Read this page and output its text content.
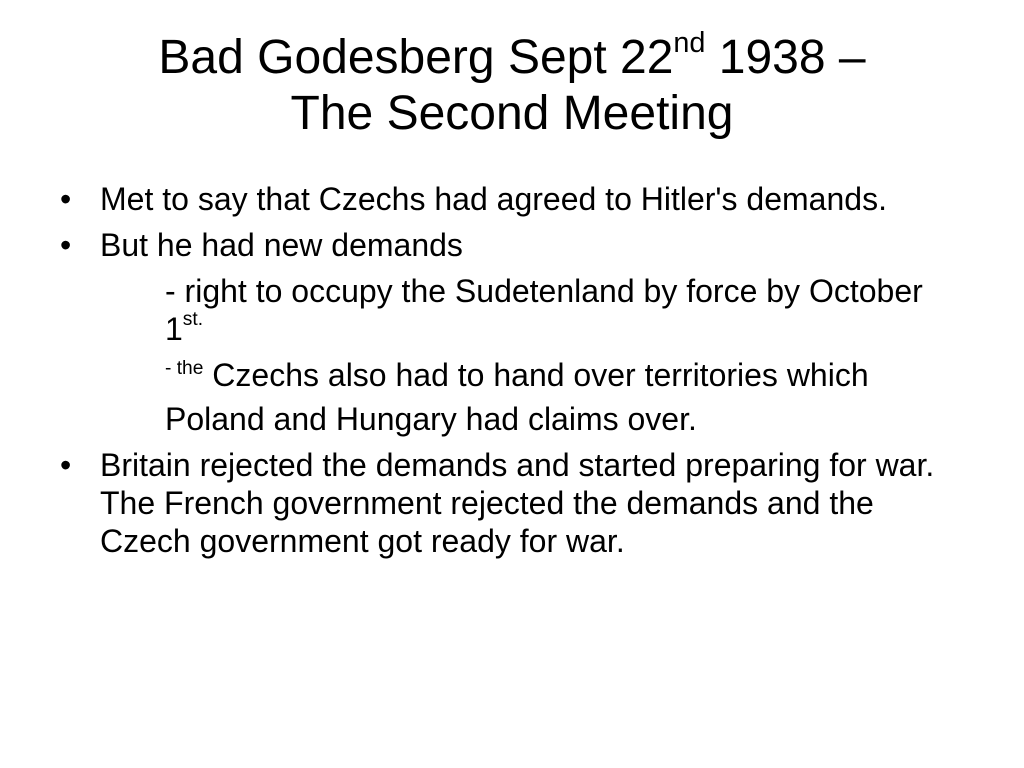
Bad Godesberg Sept 22nd 1938 –
The Second Meeting
• Met to say that Czechs had agreed to Hitler's demands.
• But he had new demands
- right to occupy the Sudetenland by force by October $1^{st.}$
$^{- the}$ Czechs also had to hand over territories which Poland and Hungary had claims over.
• Britain rejected the demands and started preparing for war. The French government rejected the demands and the Czech government got ready for war.
